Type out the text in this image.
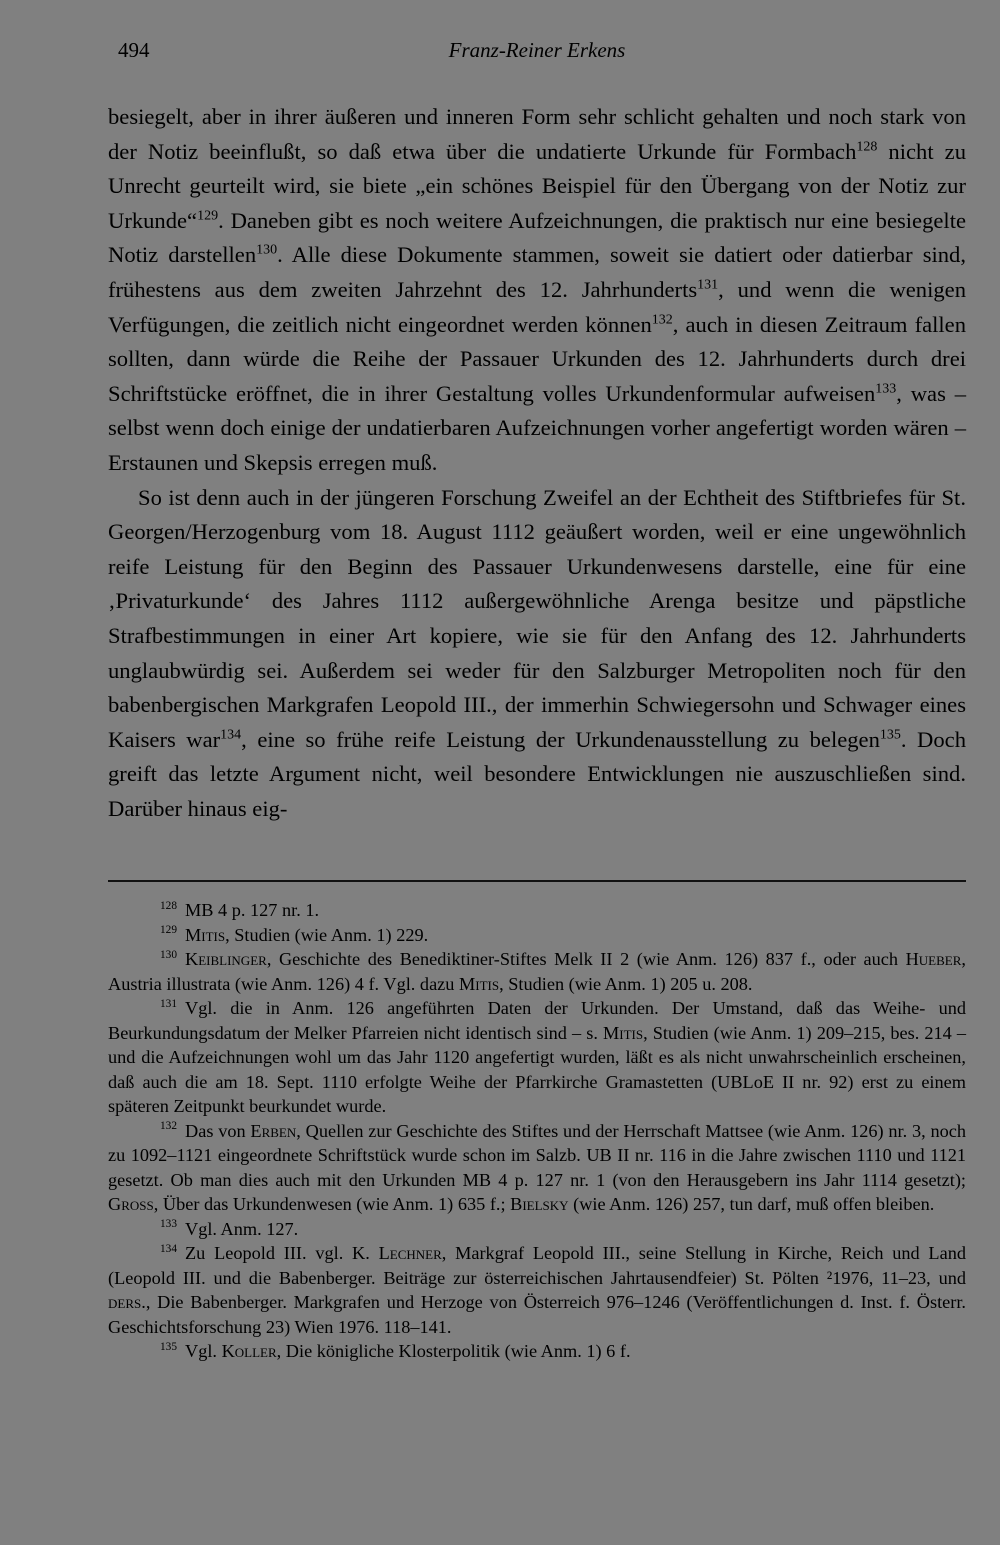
494	Franz-Reiner Erkens

besiegelt, aber in ihrer äußeren und inneren Form sehr schlicht gehalten und noch stark von der Notiz beeinflußt, so daß etwa über die undatierte Urkunde für Formbach$^{128}$ nicht zu Unrecht geurteilt wird, sie biete „ein schönes Beispiel für den Übergang von der Notiz zur Urkunde“$^{129}$. Daneben gibt es noch weitere Aufzeichnungen, die praktisch nur eine besiegelte Notiz darstellen$^{130}$. Alle diese Dokumente stammen, soweit sie datiert oder datierbar sind, frühestens aus dem zweiten Jahrzehnt des 12. Jahrhunderts$^{131}$, und wenn die wenigen Verfügungen, die zeitlich nicht eingeordnet werden können$^{132}$, auch in diesen Zeitraum fallen sollten, dann würde die Reihe der Passauer Urkunden des 12. Jahrhunderts durch drei Schriftstücke eröffnet, die in ihrer Gestaltung volles Urkundenformular aufweisen$^{133}$, was – selbst wenn doch einige der undatierbaren Aufzeichnungen vorher angefertigt worden wären – Erstaunen und Skepsis erregen muß.

So ist denn auch in der jüngeren Forschung Zweifel an der Echtheit des Stiftbriefes für St. Georgen/Herzogenburg vom 18. August 1112 geäußert worden, weil er eine ungewöhnlich reife Leistung für den Beginn des Passauer Urkundenwesens darstelle, eine für eine ‚Privaturkunde‘ des Jahres 1112 außergewöhnliche Arenga besitze und päpstliche Strafbestimmungen in einer Art kopiere, wie sie für den Anfang des 12. Jahrhunderts unglaubwürdig sei. Außerdem sei weder für den Salzburger Metropoliten noch für den babenbergischen Markgrafen Leopold III., der immerhin Schwiegersohn und Schwager eines Kaisers war$^{134}$, eine so frühe reife Leistung der Urkundenausstellung zu belegen$^{135}$. Doch greift das letzte Argument nicht, weil besondere Entwicklungen nie auszuschließen sind. Darüber hinaus eig-

$^{128}$ MB 4 p. 127 nr. 1.

$^{129}$ Mitis, Studien (wie Anm. 1) 229.

$^{130}$ Keiblinger, Geschichte des Benediktiner-Stiftes Melk II 2 (wie Anm. 126) 837 f., oder auch Hueber, Austria illustrata (wie Anm. 126) 4 f. Vgl. dazu Mitis, Studien (wie Anm. 1) 205 u. 208.

$^{131}$ Vgl. die in Anm. 126 angeführten Daten der Urkunden. Der Umstand, daß das Weihe- und Beurkundungsdatum der Melker Pfarreien nicht identisch sind – s. Mitis, Studien (wie Anm. 1) 209–215, bes. 214 – und die Aufzeichnungen wohl um das Jahr 1120 angefertigt wurden, läßt es als nicht unwahrscheinlich erscheinen, daß auch die am 18. Sept. 1110 erfolgte Weihe der Pfarrkirche Gramastetten (UBLoE II nr. 92) erst zu einem späteren Zeitpunkt beurkundet wurde.

$^{132}$ Das von Erben, Quellen zur Geschichte des Stiftes und der Herrschaft Mattsee (wie Anm. 126) nr. 3, noch zu 1092–1121 eingeordnete Schriftstück wurde schon im Salzb. UB II nr. 116 in die Jahre zwischen 1110 und 1121 gesetzt. Ob man dies auch mit den Urkunden MB 4 p. 127 nr. 1 (von den Herausgebern ins Jahr 1114 gesetzt); Gross, Über das Urkundenwesen (wie Anm. 1) 635 f.; Bielsky (wie Anm. 126) 257, tun darf, muß offen bleiben.

$^{133}$ Vgl. Anm. 127.

$^{134}$ Zu Leopold III. vgl. K. Lechner, Markgraf Leopold III., seine Stellung in Kirche, Reich und Land (Leopold III. und die Babenberger. Beiträge zur österreichischen Jahrtausendfeier) St. Pölten ²1976, 11–23, und ders., Die Babenberger. Markgrafen und Herzoge von Österreich 976–1246 (Veröffentlichungen d. Inst. f. Österr. Geschichtsforschung 23) Wien 1976. 118–141.

$^{135}$ Vgl. Koller, Die königliche Klosterpolitik (wie Anm. 1) 6 f.
